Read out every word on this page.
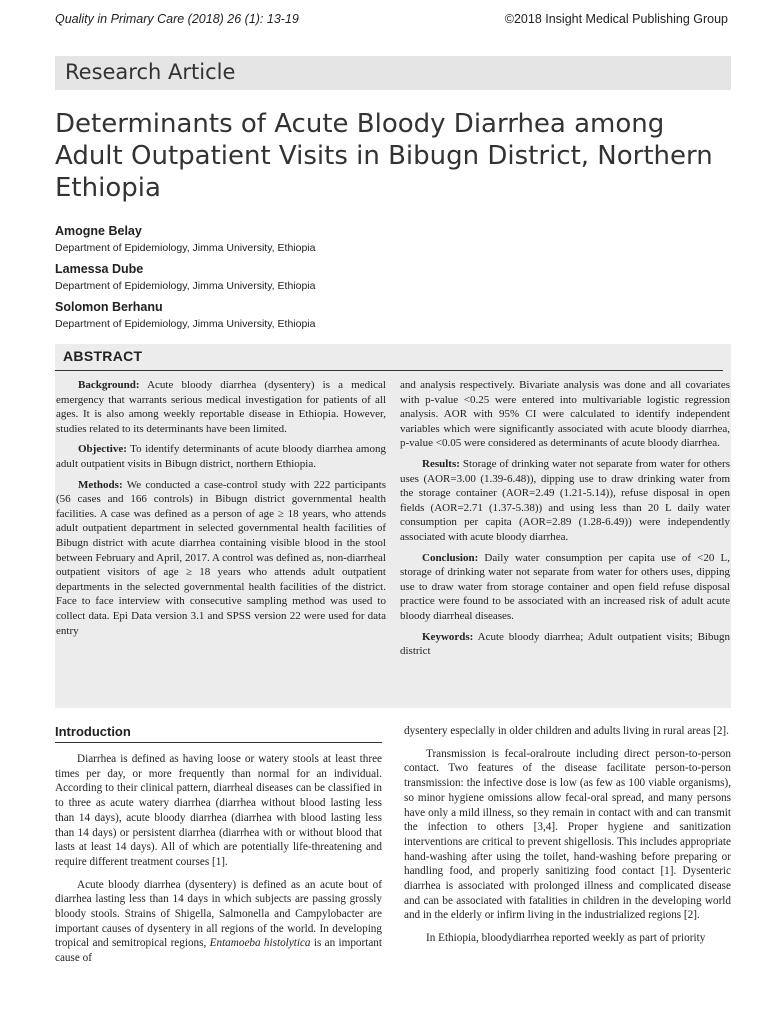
Quality in Primary Care (2018) 26 (1): 13-19	©2018 Insight Medical Publishing Group
Research Article
Determinants of Acute Bloody Diarrhea among Adult Outpatient Visits in Bibugn District, Northern Ethiopia
Amogne Belay
Department of Epidemiology, Jimma University, Ethiopia
Lamessa Dube
Department of Epidemiology, Jimma University, Ethiopia
Solomon Berhanu
Department of Epidemiology, Jimma University, Ethiopia
ABSTRACT

Background: Acute bloody diarrhea (dysentery) is a medical emergency that warrants serious medical investigation for patients of all ages. It is also among weekly reportable disease in Ethiopia. However, studies related to its determinants have been limited.

Objective: To identify determinants of acute bloody diarrhea among adult outpatient visits in Bibugn district, northern Ethiopia.

Methods: We conducted a case-control study with 222 participants (56 cases and 166 controls) in Bibugn district governmental health facilities. A case was defined as a person of age ≥ 18 years, who attends adult outpatient department in selected governmental health facilities of Bibugn district with acute diarrhea containing visible blood in the stool between February and April, 2017. A control was defined as, non-diarrheal outpatient visitors of age ≥ 18 years who attends adult outpatient departments in the selected governmental health facilities of the district. Face to face interview with consecutive sampling method was used to collect data. Epi Data version 3.1 and SPSS version 22 were used for data entry

and analysis respectively. Bivariate analysis was done and all covariates with p-value <0.25 were entered into multivariable logistic regression analysis. AOR with 95% CI were calculated to identify independent variables which were significantly associated with acute bloody diarrhea, p-value <0.05 were considered as determinants of acute bloody diarrhea.

Results: Storage of drinking water not separate from water for others uses (AOR=3.00 (1.39-6.48)), dipping use to draw drinking water from the storage container (AOR=2.49 (1.21-5.14)), refuse disposal in open fields (AOR=2.71 (1.37-5.38)) and using less than 20 L daily water consumption per capita (AOR=2.89 (1.28-6.49)) were independently associated with acute bloody diarrhea.

Conclusion: Daily water consumption per capita use of <20 L, storage of drinking water not separate from water for others uses, dipping use to draw water from storage container and open field refuse disposal practice were found to be associated with an increased risk of adult acute bloody diarrheal diseases.

Keywords: Acute bloody diarrhea; Adult outpatient visits; Bibugn district

Introduction

Diarrhea is defined as having loose or watery stools at least three times per day, or more frequently than normal for an individual. According to their clinical pattern, diarrheal diseases can be classified in to three as acute watery diarrhea (diarrhea without blood lasting less than 14 days), acute bloody diarrhea (diarrhea with blood lasting less than 14 days) or persistent diarrhea (diarrhea with or without blood that lasts at least 14 days). All of which are potentially life-threatening and require different treatment courses [1].

Acute bloody diarrhea (dysentery) is defined as an acute bout of diarrhea lasting less than 14 days in which subjects are passing grossly bloody stools. Strains of Shigella, Salmonella and Campylobacter are important causes of dysentery in all regions of the world. In developing tropical and semitropical regions, Entamoeba histolytica is an important cause of

dysentery especially in older children and adults living in rural areas [2].

Transmission is fecal-oralroute including direct person-to-person contact. Two features of the disease facilitate person-to-person transmission: the infective dose is low (as few as 100 viable organisms), so minor hygiene omissions allow fecal-oral spread, and many persons have only a mild illness, so they remain in contact with and can transmit the infection to others [3,4]. Proper hygiene and sanitization interventions are critical to prevent shigellosis. This includes appropriate hand-washing after using the toilet, hand-washing before preparing or handling food, and properly sanitizing food contact [1]. Dysenteric diarrhea is associated with prolonged illness and complicated disease and can be associated with fatalities in children in the developing world and in the elderly or infirm living in the industrialized regions [2].

In Ethiopia, bloodydiarrhea reported weekly as part of priority
